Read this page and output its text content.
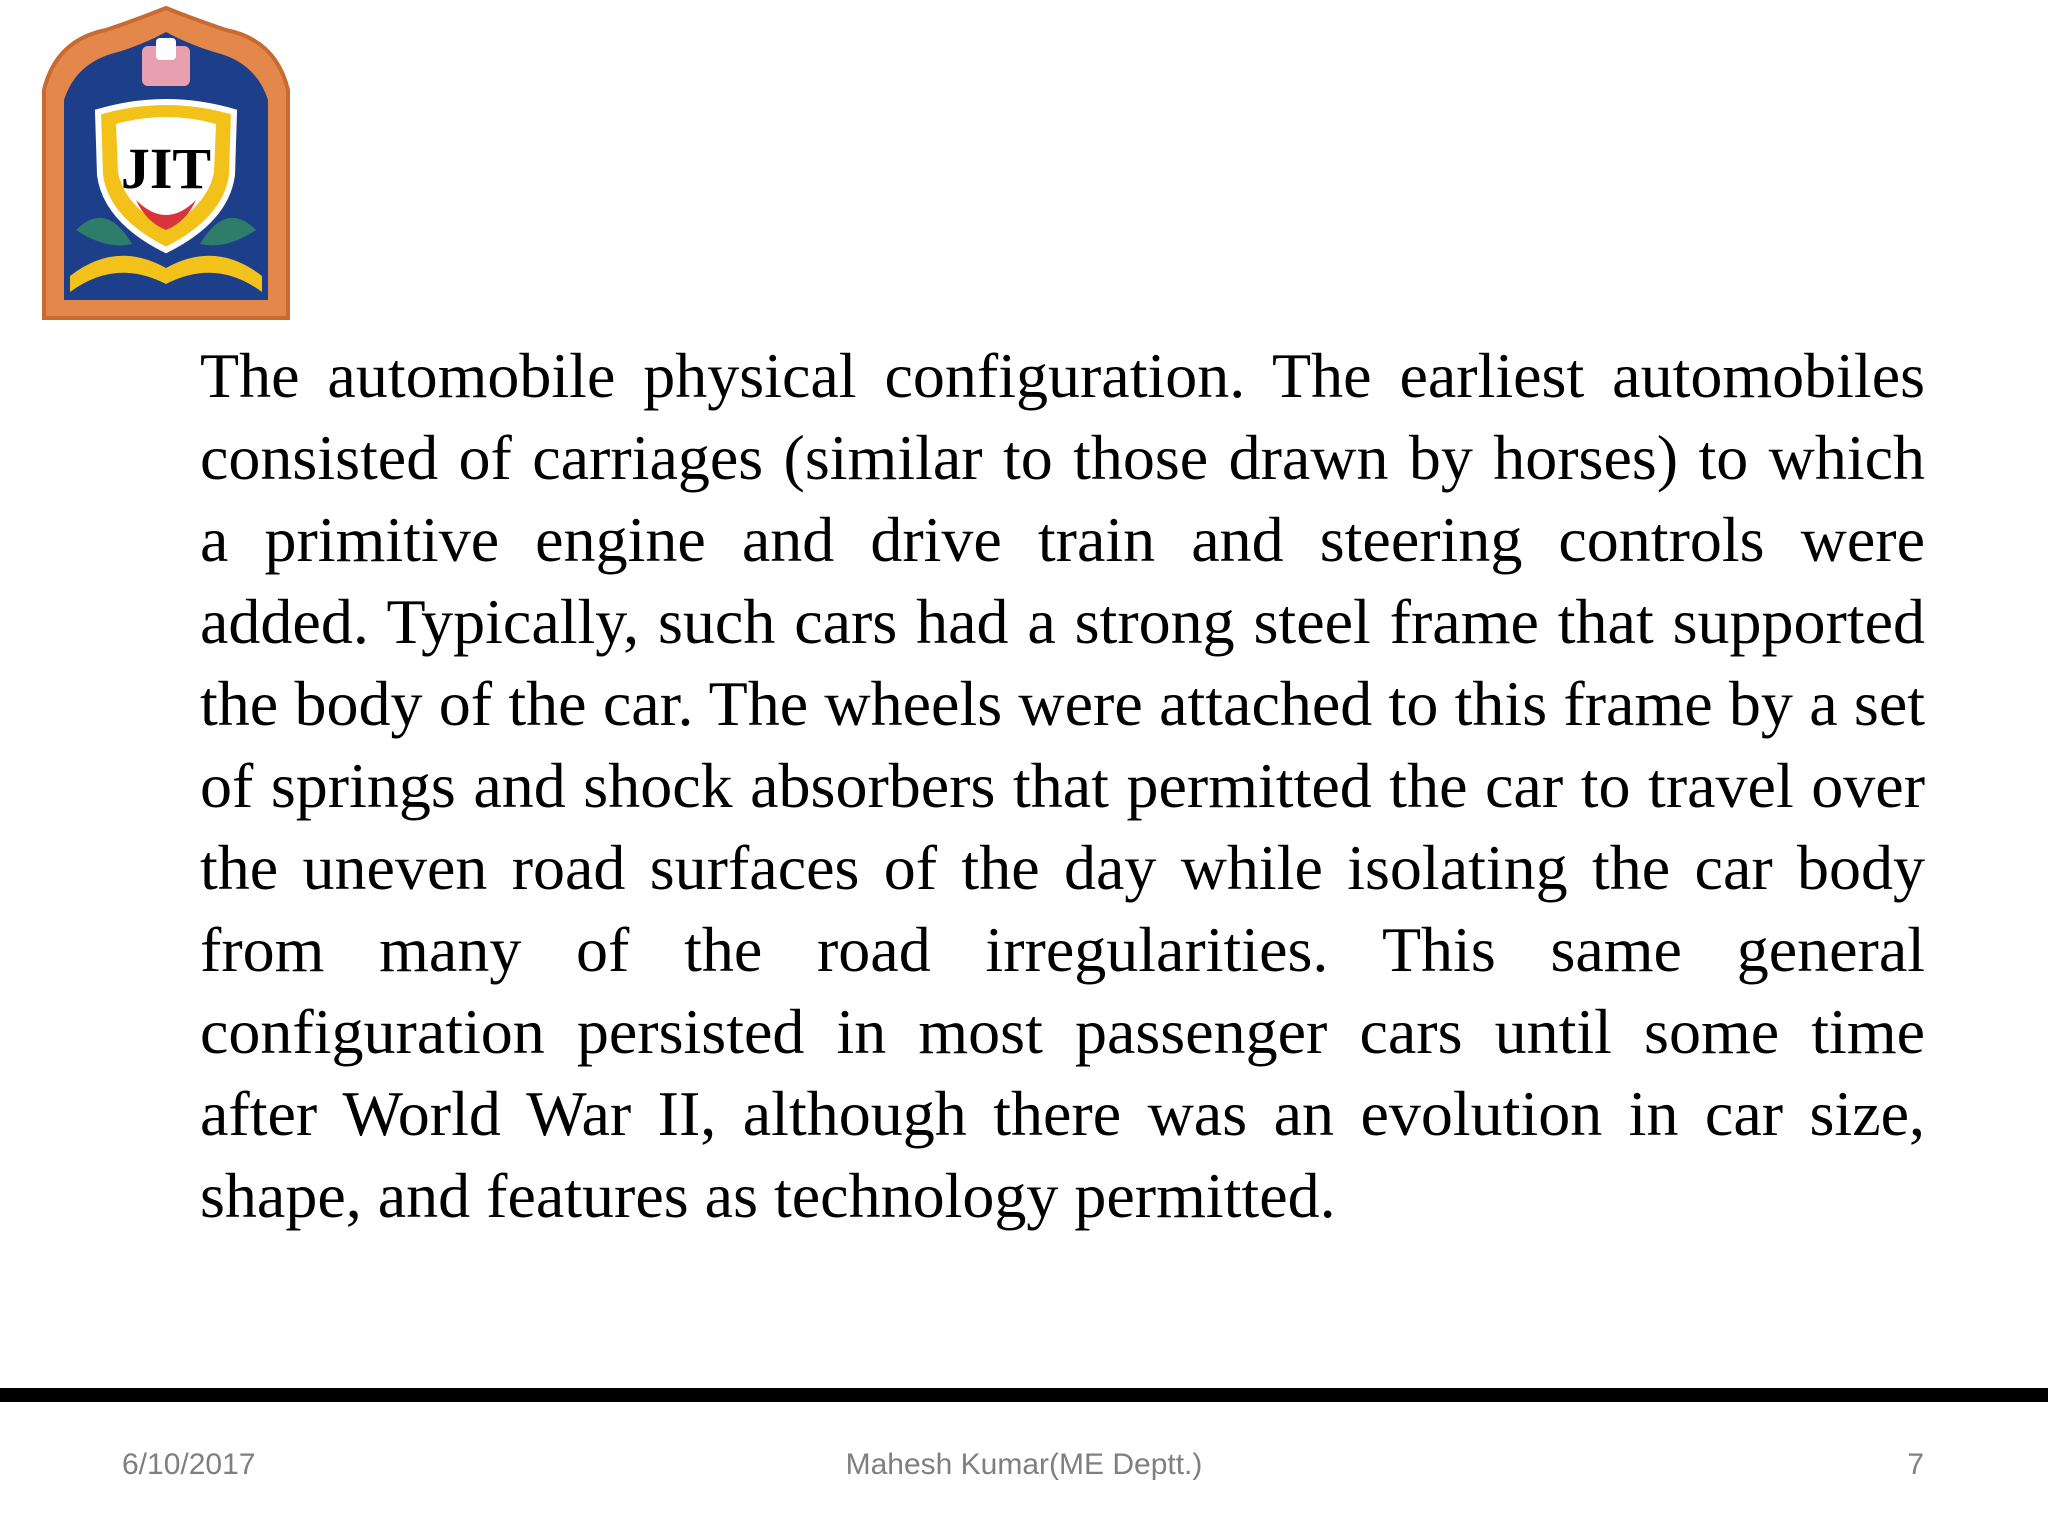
JIT

The automobile physical configuration. The earliest automobiles consisted of carriages (similar to those drawn by horses) to which a primitive engine and drive train and steering controls were added. Typically, such cars had a strong steel frame that supported the body of the car. The wheels were attached to this frame by a set of springs and shock absorbers that permitted the car to travel over the uneven road surfaces of the day while isolating the car body from many of the road irregularities. This same general configuration persisted in most passenger cars until some time after World War II, although there was an evolution in car size, shape, and features as technology permitted.

6/10/2017	Mahesh Kumar(ME Deptt.)	7
